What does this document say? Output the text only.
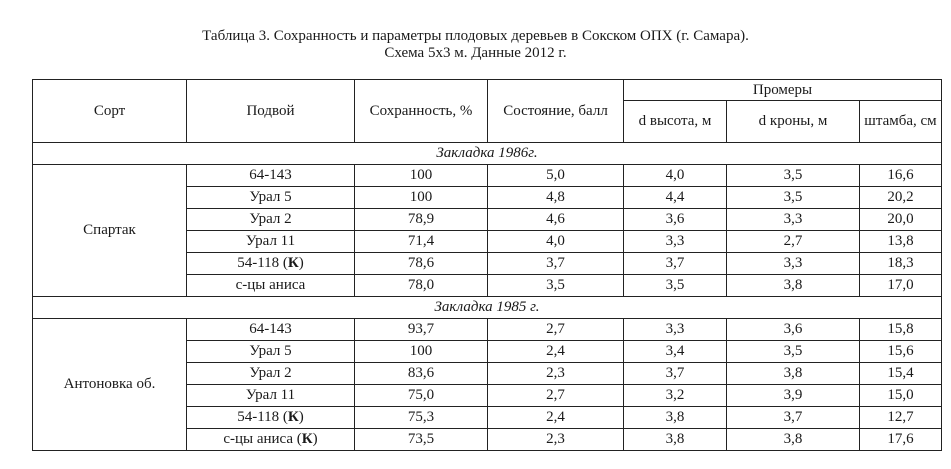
Таблица 3. Сохранность и параметры плодовых деревьев в Сокском ОПХ (г. Самара).
Схема 5х3 м. Данные 2012 г.
Сорт	Подвой	Сохранность, %	Состояние, балл	Промеры		
				d высота, м	d кроны, м	штамба, см
Закладка 1986г.						
Спартак	64-143	100	5,0	4,0	3,5	16,6
	Урал 5	100	4,8	4,4	3,5	20,2
	Урал 2	78,9	4,6	3,6	3,3	20,0
	Урал 11	71,4	4,0	3,3	2,7	13,8
	54-118 (К)	78,6	3,7	3,7	3,3	18,3
	с-цы аниса	78,0	3,5	3,5	3,8	17,0
Закладка 1985 г.						
Антоновка об.	64-143	93,7	2,7	3,3	3,6	15,8
	Урал 5	100	2,4	3,4	3,5	15,6
	Урал 2	83,6	2,3	3,7	3,8	15,4
	Урал 11	75,0	2,7	3,2	3,9	15,0
	54-118 (К)	75,3	2,4	3,8	3,7	12,7
	с-цы аниса (К)	73,5	2,3	3,8	3,8	17,6
